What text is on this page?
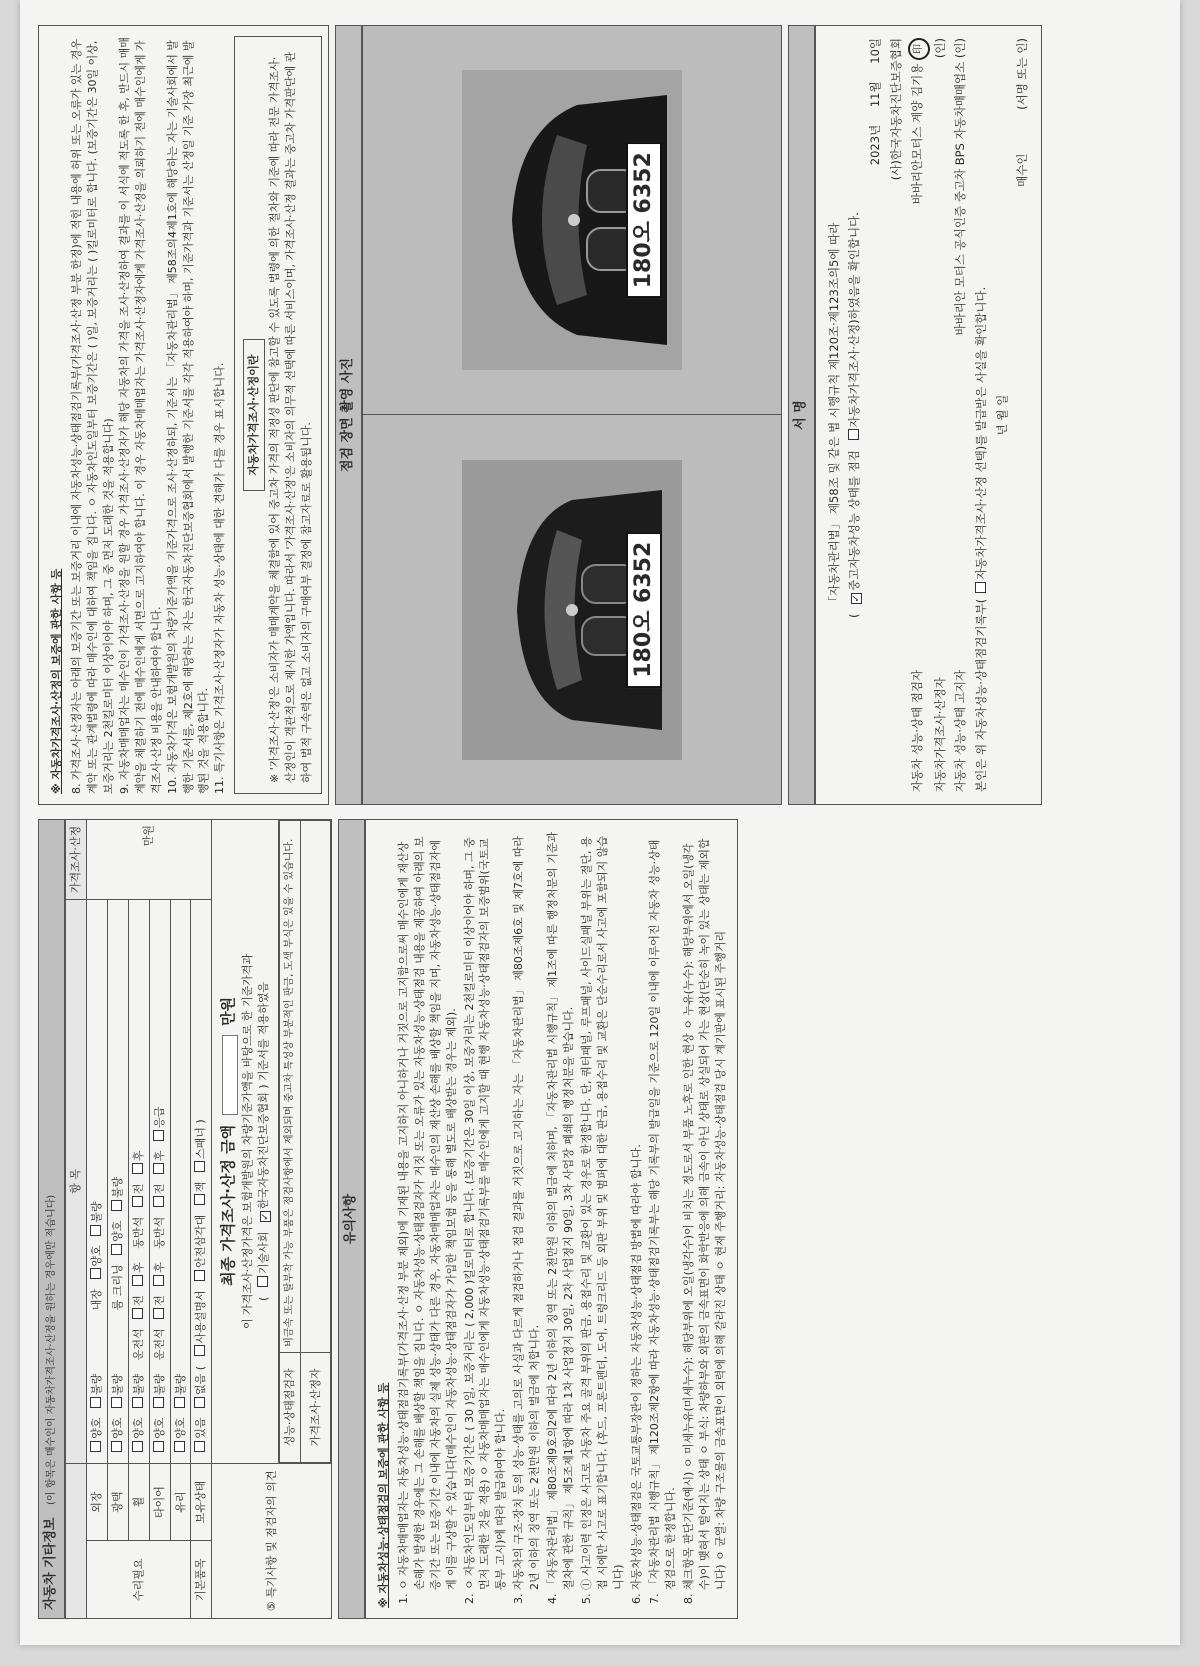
자동차 기타정보 (이 항목은 매수인이 자동차가격조사·산정을 원하는 경우에만 적습니다)
	항 목	가격조사·산정
수리필요	외장	양호 불량 내장 양호 불량	만원
광택	양호 불량 룸 크리닝 양호 불량
휠	양호 불량 운전석 전 후 동반석 전 후
타이어	양호 불량 운전석 전 후 동반석 전 후 응급
유리	양호 불량
기본품목	보유상태	있음 없음 ( 사용설명서 안전삼각대 잭 스패너 )
⑤ 특기사항 및 점검자의 의견	최종 가격조사·산정 금액  만원 이 가격조사·산정가격은 보험개발원의 차량기준가액을 바탕으로 한 기준가격과 ( 기술사회 ✓한국자동차진단보증협회 ) 기준서를 적용하였음

성능·상태점검자	비금속 또는 탈부착 가능 부품은 점검사항에서 제외되며 중고차 특성상 부분적인 판금, 도색 부식은 있을 수 있습니다.
가격조사·산정자	
유의사항
※ 자동차성능·상태점검의 보증에 관한 사항 등 1. ㅇ 자동차매매업자는 자동차성능·상태점검기록부(가격조사·산정 부분 제외)에 기재된 내용을 고지하지 아니하거나 거짓으로 고지함으로써 매수인에게 재산상 손해가 발생한 경우에는 그 손해를 배상할 책임을 집니다. ㅇ 자동차성능·상태점검자가 거짓 또는 오류가 있는 자동차성능·상태점검 내용을 제공하여 아래의 보증기간 또는 보증기간 이내에 자동차의 실제 성능·상태가 다른 경우, 자동차매매업자는 매수인의 재산상 손해를 배상할 책임을 지며, 자동차성능·상태점검자에게 이를 구상할 수 있습니다(매수인이 자동차성능·상태점검자가 가입한 책임보험 등을 통해 별도로 배상받는 경우는 제외). 2. ㅇ 자동차인도일부터 보증기간은 ( 30 )일, 보증거리는 ( 2,000 )킬로미터로 합니다. (보증기간은 30일 이상, 보증거리는 2천킬로미터 이상이어야 하며, 그 중 먼저 도래한 것을 적용) ㅇ 자동차매매업자는 매수인에게 자동차성능·상태점검기록부를 매수인에게 고지할 때 현행 자동차성능·상태점검자의 보증범위(국토교통부 고시)에 따라 발급하여야 합니다. 3. 자동차의 구조·장치 등의 성능·상태를 고의로 사실과 다르게 점검하거나 점검 결과를 거짓으로 고지하는 자는 「자동차관리법」 제80조제6호 및 제7호에 따라 2년 이하의 징역 또는 2천만원 이하의 벌금에 처합니다. 4. 「자동차관리법」 제80조제9호의2에 따라 2년 이하의 징역 또는 2천만원 이하의 벌금에 처하며, 「자동차관리법 시행규칙」 제1조에 따른 행정처분의 기준과 절차에 관한 규칙」 제5조제1항에 따라 1차 사업정지 30일, 2차 사업정지 90일, 3차 사업장 폐쇄의 행정처분을 받습니다. 5. ⓛ 사고이력 인정은 사고로 자동차 주요 골격 부위의 판금, 용접수리 및 교환이 있는 경우로 한정합니다. 단, 쿼터패널, 루프패널, 사이드실패널 부위는 절단, 용접 시에만 사고로 표기합니다. (후드, 프론트펜더, 도어, 트렁크리드 등 외판 부위 및 범퍼에 대한 판금, 용접수리 및 교환은 단순수리로서 사고에 포함되지 않습니다) 6. 자동차성능·상태점검은 국토교통부장관이 정하는 자동차성능·상태점검 방법에 따라야 합니다. 7. 「자동차관리법 시행규칙」 제120조제2항에 따라 자동차성능·상태점검기록부는 해당 기록부의 발급일을 기준으로 120일 이내에 이루어진 자동차 성능·상태점검으로 한정합니다. 8. 체크항목 판단기준(예시) ㅇ 미세누유(미세누수): 해당부위에 오일(냉각수)이 비치는 정도로서 부품 노후로 인한 현상 ㅇ 누유(누수): 해당부위에서 오일(냉각수)이 맺혀서 떨어지는 상태 ㅇ 부식: 차량하부와 외판의 금속표면이 화학반응에 의해 금속이 아닌 상태로 상실되어 가는 현상(단순히 녹이 있는 상태는 제외합니다) ㅇ 균열: 차량 구조물의 금속표면이 외력에 의해 갈라진 상태 ㅇ 현재 주행거리: 자동차성능·상태점검 당시 계기판에 표시된 주행거리
※ 자동차가격조사·산정의 보증에 관한 사항 등 8. 가격조사·산정자는 아래의 보증기간 또는 보증거리 이내에 자동차성능·상태점검기록부(가격조사·산정 부분 한정)에 적힌 내용에 허위 또는 오류가 있는 경우 계약 또는 관계법령에 따라 매수인에 대하여 책임을 집니다. ㅇ 자동차인도일부터 보증기간은 ( )일, 보증거리는 ( )킬로미터로 합니다. (보증기간은 30일 이상, 보증거리는 2천킬로미터 이상이어야 하며, 그 중 먼저 도래한 것을 적용합니다) 9. 자동차매매업자는 매수인이 가격조사·산정을 원할 경우 가격조사·산정자가 해당 자동차의 가격을 조사·산정하여 결과를 이 서식에 적도록 한 후, 반드시 매매계약을 체결하기 전에 매수인에게 서면으로 고지하여야 합니다. 이 경우 자동차매매업자는 가격조사·산정자에게 가격조사·산정을 의뢰하기 전에 매수인에게 가격조사·산정 비용을 안내하여야 합니다. 10. 자동차가격은 보험개발원의 차량기준가액을 기준가격으로 조사·산정하되, 기준서는 「자동차관리법」 제58조의4제1호에 해당하는 자는 기술사회에서 발행한 기준서를, 제2호에 해당하는 자는 한국자동차진단보증협회에서 발행한 기준서를 각각 적용하여야 하며, 기준가격과 기준서는 산정일 기준 가장 최근에 발행된 것을 적용합니다. 11. 특기사항은 가격조사·산정자가 자동차 성능·상태에 대한 견해가 다를 경우 표시합니다.	자동차가격조사·산정이란 ※ '가격조사·산정'은 소비자가 매매계약을 체결함에 있어 중고차 가격의 적정성 판단에 참고할 수 있도록 법령에 의한 절차와 기준에 따라 전문 가격조사·산정인이 객관적으로 제시한 가액입니다. 따라서 '가격조사·산정'은 소비자의 의무적 선택에 따른 서비스이며, 가격조사·산정 결과는 중고차 가격판단에 관하여 법적 구속력은 없고 소비자의 구매여부 결정에 참고자료로 활용됩니다.
점검 장면 촬영 사진
180오 6352
180오 6352
서 명	「자동차관리법」 제58조 및 같은 법 시행규칙 제120조·제123조의5에 따라
( ✓중고자동차성능 상태를 점검 자동차가격조사·산정)하였음을 확인합니다.
2023년 11월 10일 (사)한국자동차진단보증협회
자동차 성능·상태 점검자
바바리안모터스 계양 김기용 印
자동차가격조사·산정자
(인)
자동차 성능·상태 고지자
바바리안 모터스 공식인증 중고차 BPS 자동차매매업소 (인)
본인은 위 자동차성능·상태점검기록부(자동차가격조사·산정 선택)를 발급받은 사실을 확인합니다. 년 월 일
매수인 (서명 또는 인)
